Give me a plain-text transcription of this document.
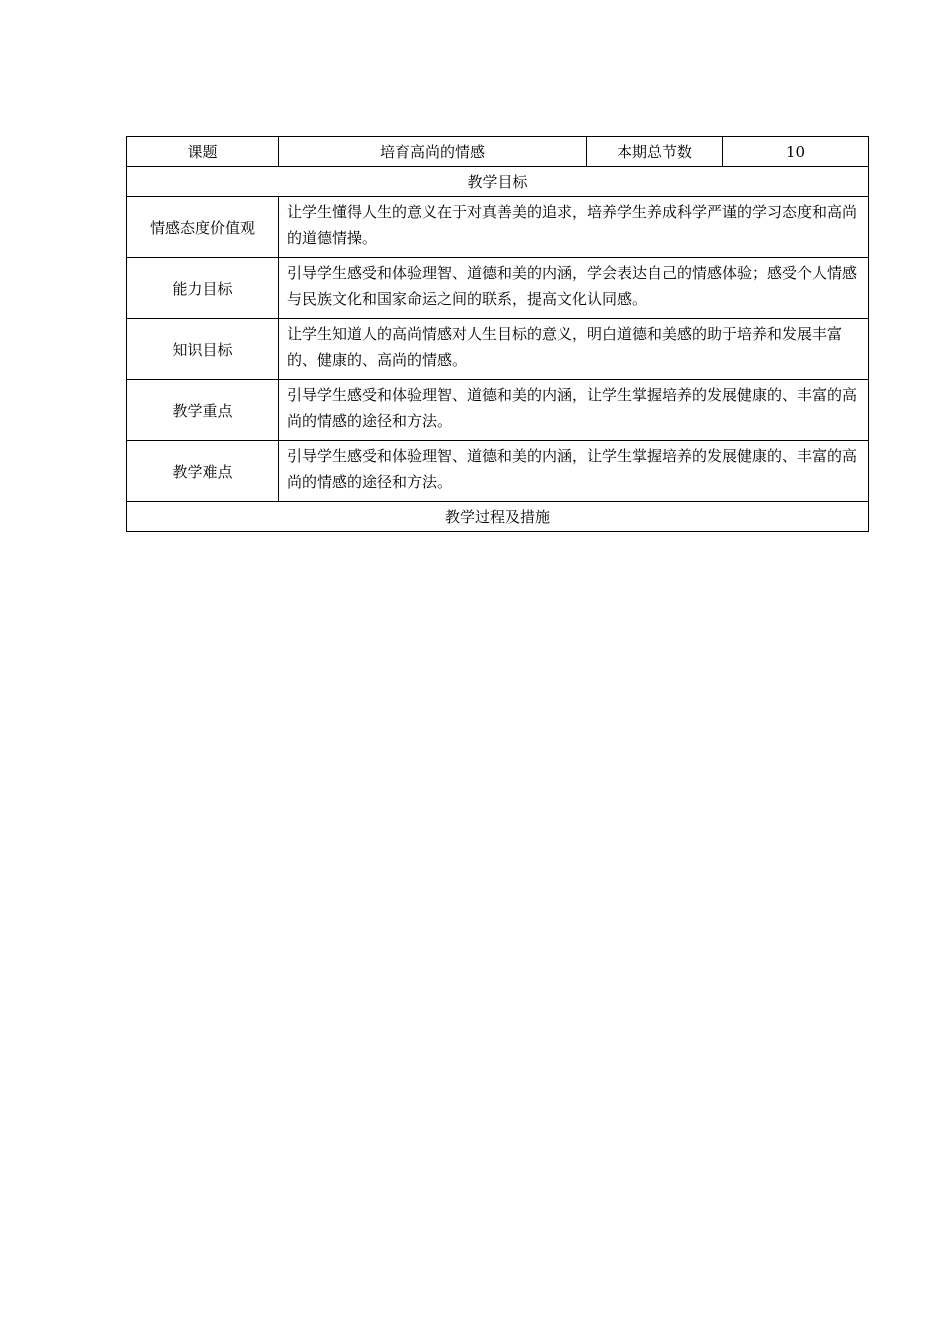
课题	培育高尚的情感	本期总节数	10
教学目标			
情感态度价值观	让学生懂得人生的意义在于对真善美的追求，培养学生养成科学严谨的学习态度和高尚的道德情操。		
能力目标	引导学生感受和体验理智、道德和美的内涵，学会表达自己的情感体验；感受个人情感与民族文化和国家命运之间的联系，提高文化认同感。		
知识目标	让学生知道人的高尚情感对人生目标的意义，明白道德和美感的助于培养和发展丰富的、健康的、高尚的情感。		
教学重点	引导学生感受和体验理智、道德和美的内涵，让学生掌握培养的发展健康的、丰富的高尚的情感的途径和方法。		
教学难点	引导学生感受和体验理智、道德和美的内涵，让学生掌握培养的发展健康的、丰富的高尚的情感的途径和方法。		
教学过程及措施			
